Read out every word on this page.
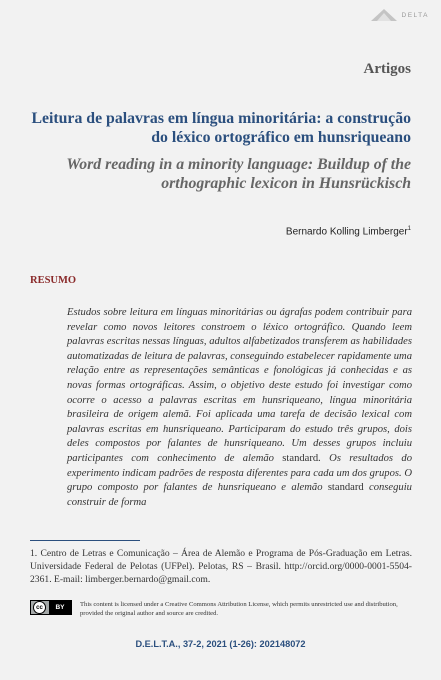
DELTA
Artigos
Leitura de palavras em língua minoritária: a construção do léxico ortográfico em hunsriqueano
Word reading in a minority language: Buildup of the orthographic lexicon in Hunsrückisch
Bernardo Kolling Limberger$^1$
RESUMO
Estudos sobre leitura em línguas minoritárias ou ágrafas podem contribuir para revelar como novos leitores constroem o léxico ortográfico. Quando leem palavras escritas nessas línguas, adultos alfabetizados transferem as habilidades automatizadas de leitura de palavras, conseguindo estabelecer rapidamente uma relação entre as representações semânticas e fonológicas já conhecidas e as novas formas ortográficas. Assim, o objetivo deste estudo foi investigar como ocorre o acesso a palavras escritas em hunsriqueano, língua minoritária brasileira de origem alemã. Foi aplicada uma tarefa de decisão lexical com palavras escritas em hunsriqueano. Participaram do estudo três grupos, dois deles compostos por falantes de hunsriqueano. Um desses grupos incluiu participantes com conhecimento de alemão standard. Os resultados do experimento indicam padrões de resposta diferentes para cada um dos grupos. O grupo composto por falantes de hunsriqueano e alemão standard conseguiu construir de forma
1. Centro de Letras e Comunicação – Área de Alemão e Programa de Pós-Graduação em Letras. Universidade Federal de Pelotas (UFPel). Pelotas, RS – Brasil. http://orcid.org/0000-0001-5504-2361. E-mail: limberger.bernardo@gmail.com.
cc	BY	This content is licensed under a Creative Commons Attribution License, which permits unrestricted use and distribution, provided the original author and source are credited.
D.E.L.T.A., 37-2, 2021 (1-26): 202148072
